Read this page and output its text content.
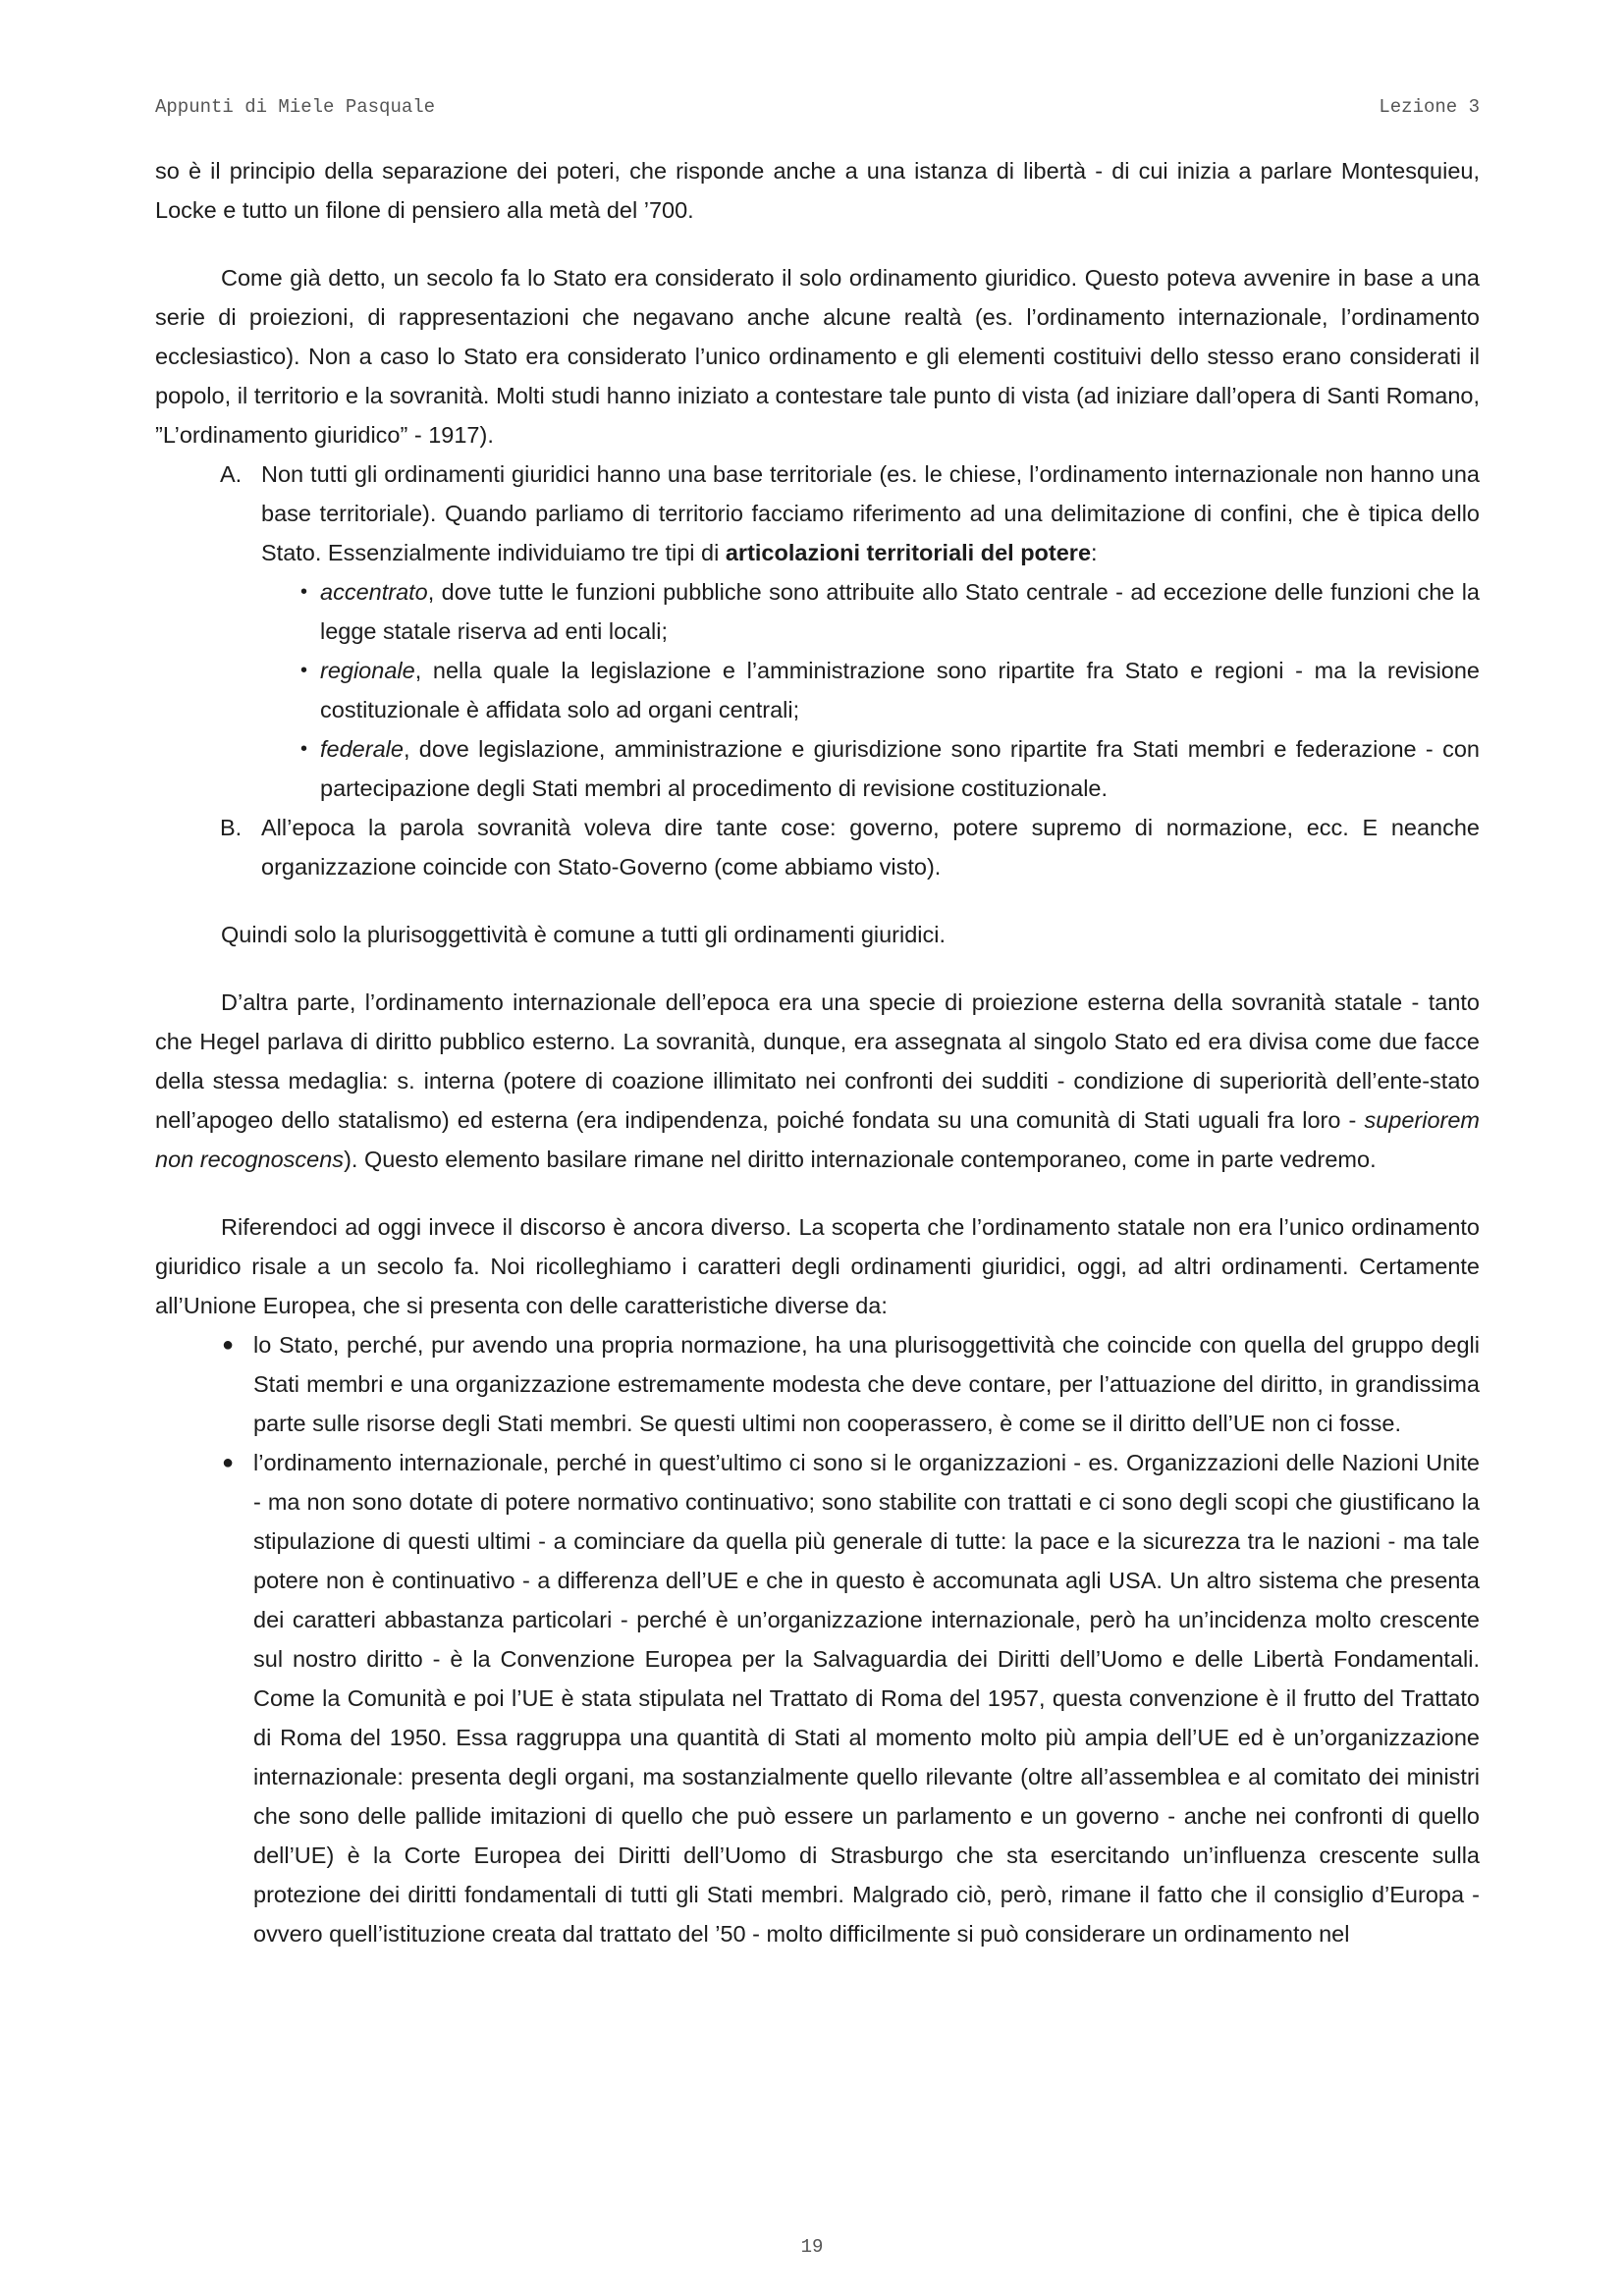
Appunti di Miele Pasquale	Lezione 3

so è il principio della separazione dei poteri, che risponde anche a una istanza di libertà - di cui inizia a parlare Montesquieu, Locke e tutto un filone di pensiero alla metà del ’700.

Come già detto, un secolo fa lo Stato era considerato il solo ordinamento giuridico. Questo poteva avvenire in base a una serie di proiezioni, di rappresentazioni che negavano anche alcune realtà (es. l’ordinamento internazionale, l’ordinamento ecclesiastico). Non a caso lo Stato era considerato l’unico ordinamento e gli elementi costituivi dello stesso erano considerati il popolo, il territorio e la sovranità. Molti studi hanno iniziato a contestare tale punto di vista (ad iniziare dall’opera di Santi Romano, ”L’ordinamento giuridico” - 1917).

A. Non tutti gli ordinamenti giuridici hanno una base territoriale (es. le chiese, l’ordinamento internazionale non hanno una base territoriale). Quando parliamo di territorio facciamo riferimento ad una delimitazione di confini, che è tipica dello Stato. Essenzialmente individuiamo tre tipi di articolazioni territoriali del potere:
• accentrato, dove tutte le funzioni pubbliche sono attribuite allo Stato centrale - ad eccezione delle funzioni che la legge statale riserva ad enti locali;
• regionale, nella quale la legislazione e l’amministrazione sono ripartite fra Stato e regioni - ma la revisione costituzionale è affidata solo ad organi centrali;
• federale, dove legislazione, amministrazione e giurisdizione sono ripartite fra Stati membri e federazione - con partecipazione degli Stati membri al procedimento di revisione costituzionale.
B. All’epoca la parola sovranità voleva dire tante cose: governo, potere supremo di normazione, ecc. E neanche organizzazione coincide con Stato-Governo (come abbiamo visto).

Quindi solo la plurisoggettività è comune a tutti gli ordinamenti giuridici.

D’altra parte, l’ordinamento internazionale dell’epoca era una specie di proiezione esterna della sovranità statale - tanto che Hegel parlava di diritto pubblico esterno. La sovranità, dunque, era assegnata al singolo Stato ed era divisa come due facce della stessa medaglia: s. interna (potere di coazione illimitato nei confronti dei sudditi - condizione di superiorità dell’ente-stato nell’apogeo dello statalismo) ed esterna (era indipendenza, poiché fondata su una comunità di Stati uguali fra loro - superiorem non recognoscens). Questo elemento basilare rimane nel diritto internazionale contemporaneo, come in parte vedremo.

Riferendoci ad oggi invece il discorso è ancora diverso. La scoperta che l’ordinamento statale non era l’unico ordinamento giuridico risale a un secolo fa. Noi ricolleghiamo i caratteri degli ordinamenti giuridici, oggi, ad altri ordinamenti. Certamente all’Unione Europea, che si presenta con delle caratteristiche diverse da:

● lo Stato, perché, pur avendo una propria normazione, ha una plurisoggettività che coincide con quella del gruppo degli Stati membri e una organizzazione estremamente modesta che deve contare, per l’attuazione del diritto, in grandissima parte sulle risorse degli Stati membri. Se questi ultimi non cooperassero, è come se il diritto dell’UE non ci fosse.
● l’ordinamento internazionale, perché in quest’ultimo ci sono si le organizzazioni - es. Organizzazioni delle Nazioni Unite - ma non sono dotate di potere normativo continuativo; sono stabilite con trattati e ci sono degli scopi che giustificano la stipulazione di questi ultimi - a cominciare da quella più generale di tutte: la pace e la sicurezza tra le nazioni - ma tale potere non è continuativo - a differenza dell’UE e che in questo è accomunata agli USA. Un altro sistema che presenta dei caratteri abbastanza particolari - perché è un’organizzazione internazionale, però ha un’incidenza molto crescente sul nostro diritto - è la Convenzione Europea per la Salvaguardia dei Diritti dell’Uomo e delle Libertà Fondamentali. Come la Comunità e poi l’UE è stata stipulata nel Trattato di Roma del 1957, questa convenzione è il frutto del Trattato di Roma del 1950. Essa raggruppa una quantità di Stati al momento molto più ampia dell’UE ed è un’organizzazione internazionale: presenta degli organi, ma sostanzialmente quello rilevante (oltre all’assemblea e al comitato dei ministri che sono delle pallide imitazioni di quello che può essere un parlamento e un governo - anche nei confronti di quello dell’UE) è la Corte Europea dei Diritti dell’Uomo di Strasburgo che sta esercitando un’influenza crescente sulla protezione dei diritti fondamentali di tutti gli Stati membri. Malgrado ciò, però, rimane il fatto che il consiglio d’Europa - ovvero quell’istituzione creata dal trattato del ’50 - molto difficilmente si può considerare un ordinamento nel
19
